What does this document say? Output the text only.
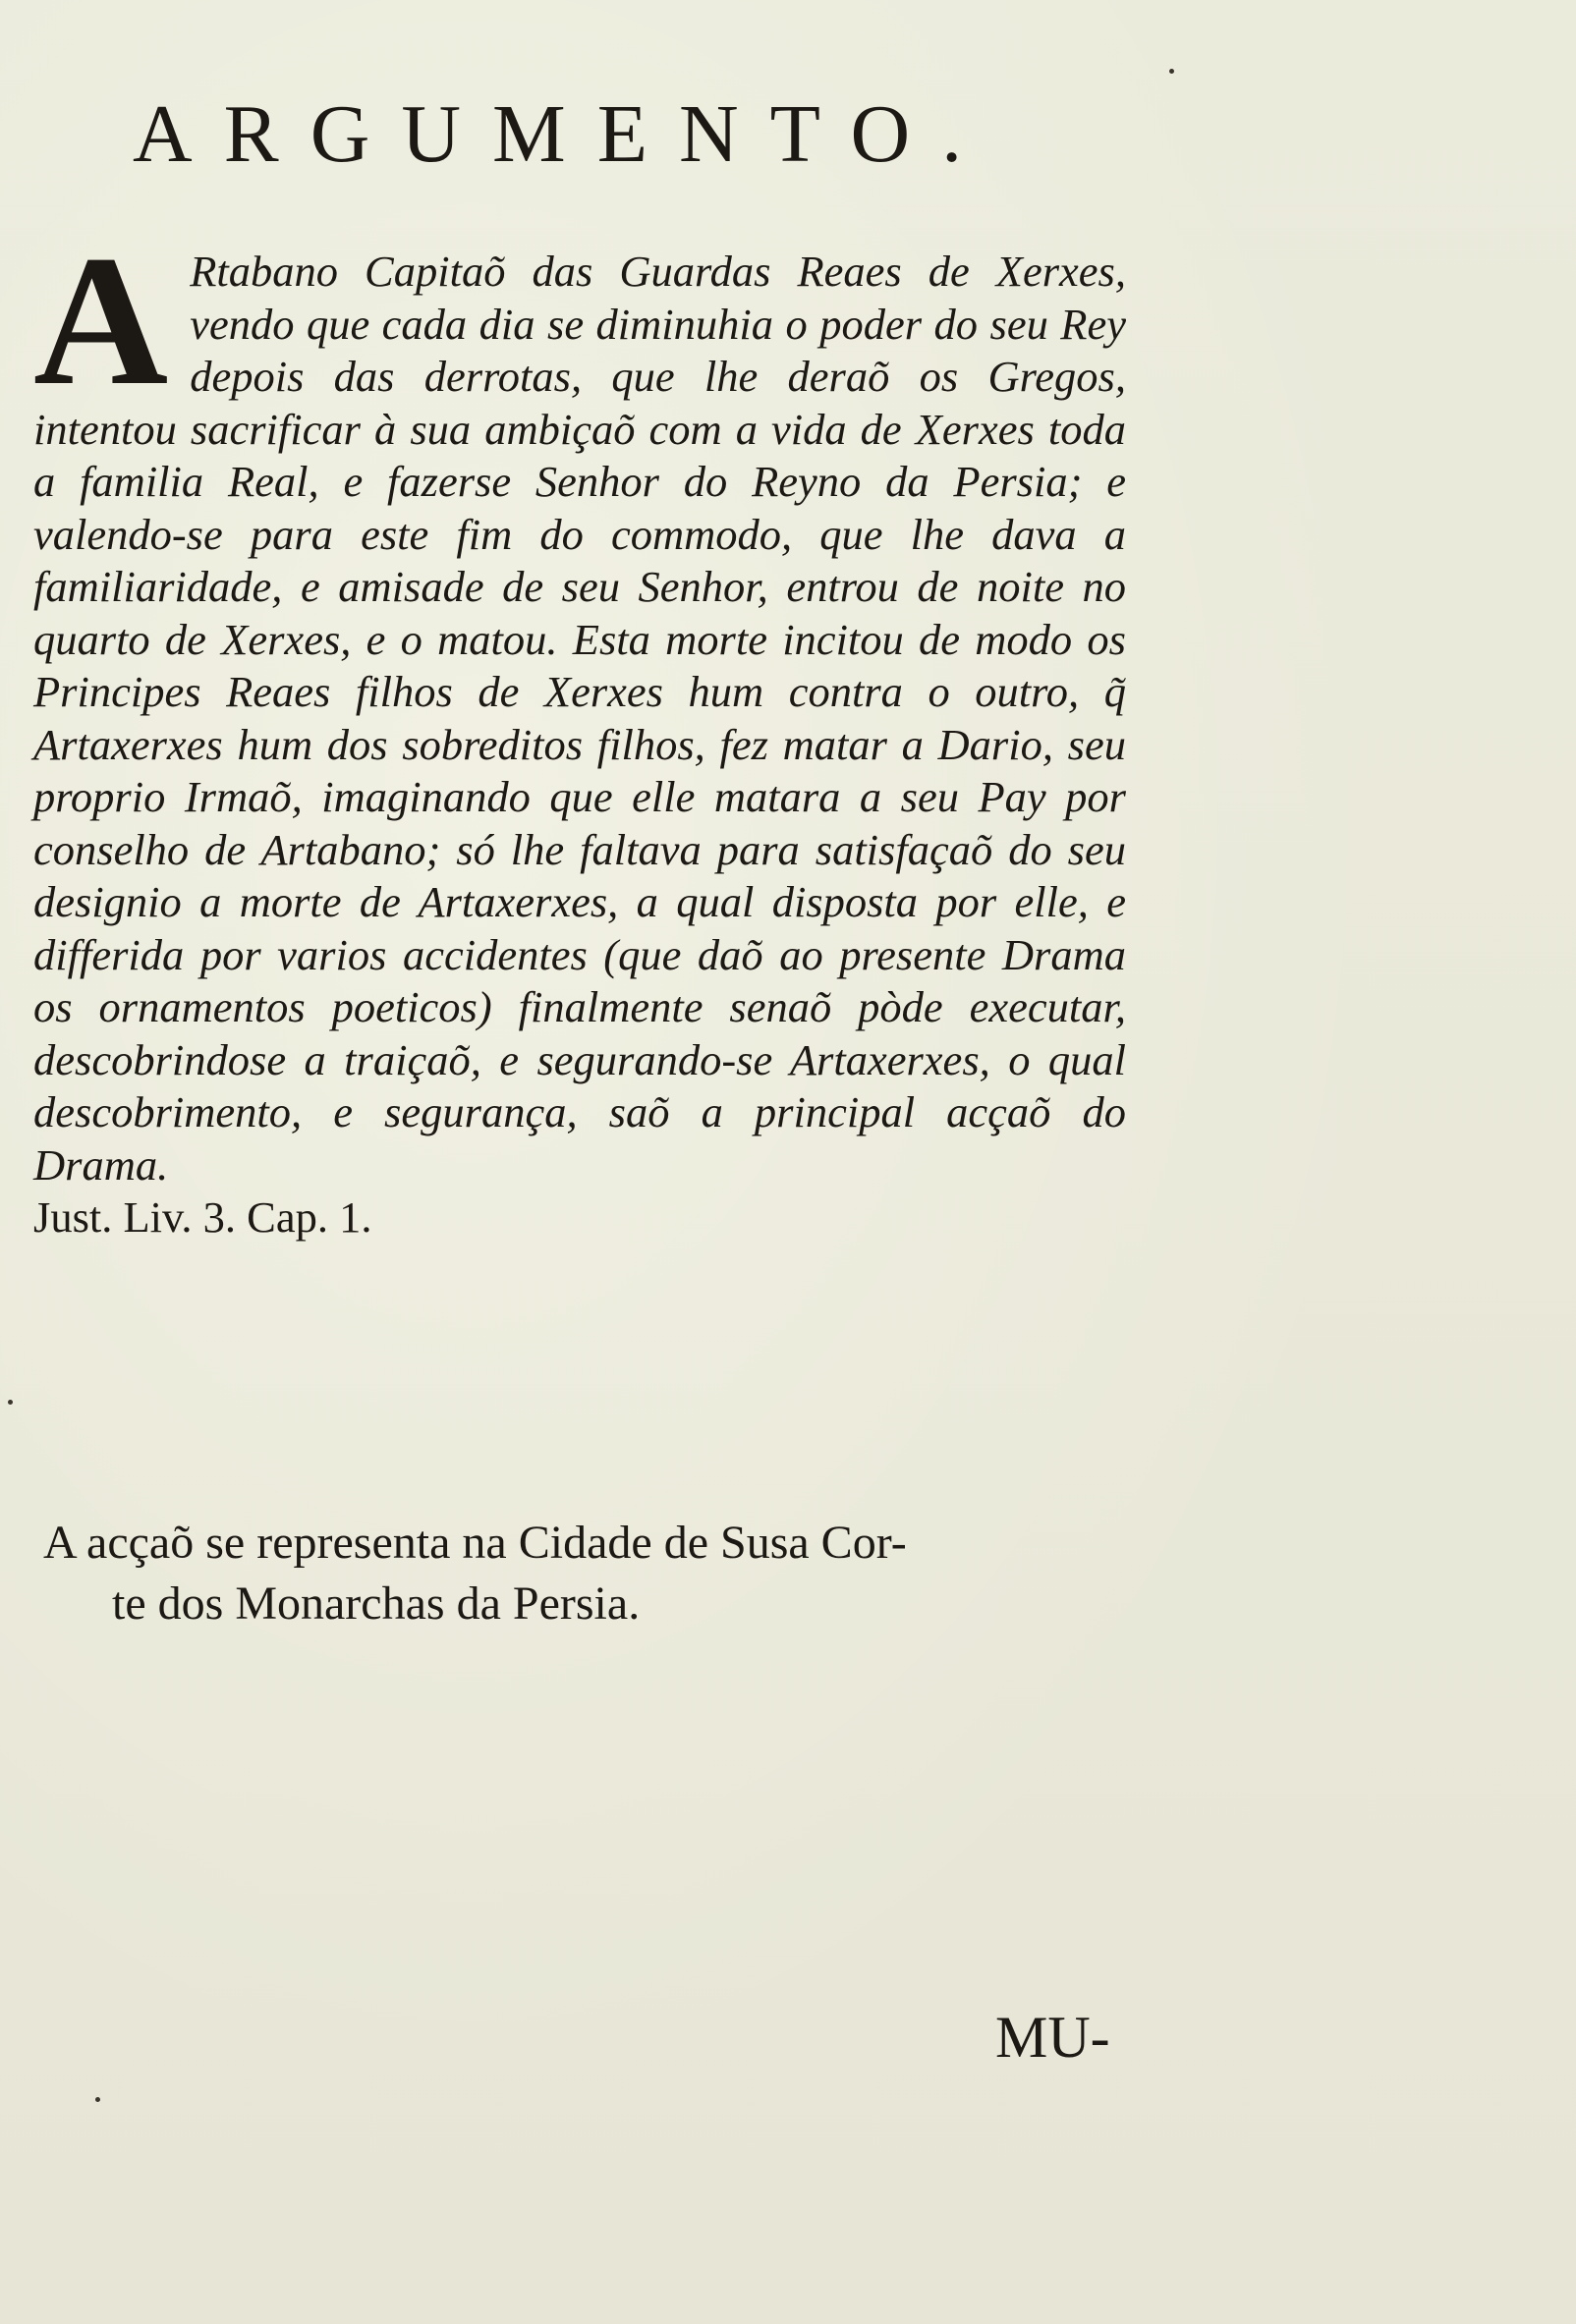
ARGUMENTO.

A Rtabano Capitaõ das Guardas Reaes de Xerxes, vendo que cada dia se diminuhia o poder do seu Rey depois das derrotas, que lhe deraõ os Gregos, intentou sacrificar à sua ambiçaõ com a vida de Xerxes toda a familia Real, e fazerse Senhor do Reyno da Persia; e valendo-se para este fim do commodo, que lhe dava a familiaridade, e amisade de seu Senhor, entrou de noite no quarto de Xerxes, e o matou. Esta morte incitou de modo os Principes Reaes filhos de Xerxes hum contra o outro, q̃ Artaxerxes hum dos sobreditos filhos, fez matar a Dario, seu proprio Irmaõ, imaginando que elle matara a seu Pay por conselho de Artabano; só lhe faltava para satisfaçaõ do seu designio a morte de Artaxerxes, a qual disposta por elle, e differida por varios accidentes (que daõ ao presente Drama os ornamentos poeticos) finalmente senaõ pòde executar, descobrindose a traiçaõ, e segurando-se Artaxerxes, o qual descobrimento, e segurança, saõ a principal acçaõ do Drama.
Just. Liv. 3. Cap. 1.

A acçaõ se representa na Cidade de Susa Cor-
te dos Monarchas da Persia.

MU-
